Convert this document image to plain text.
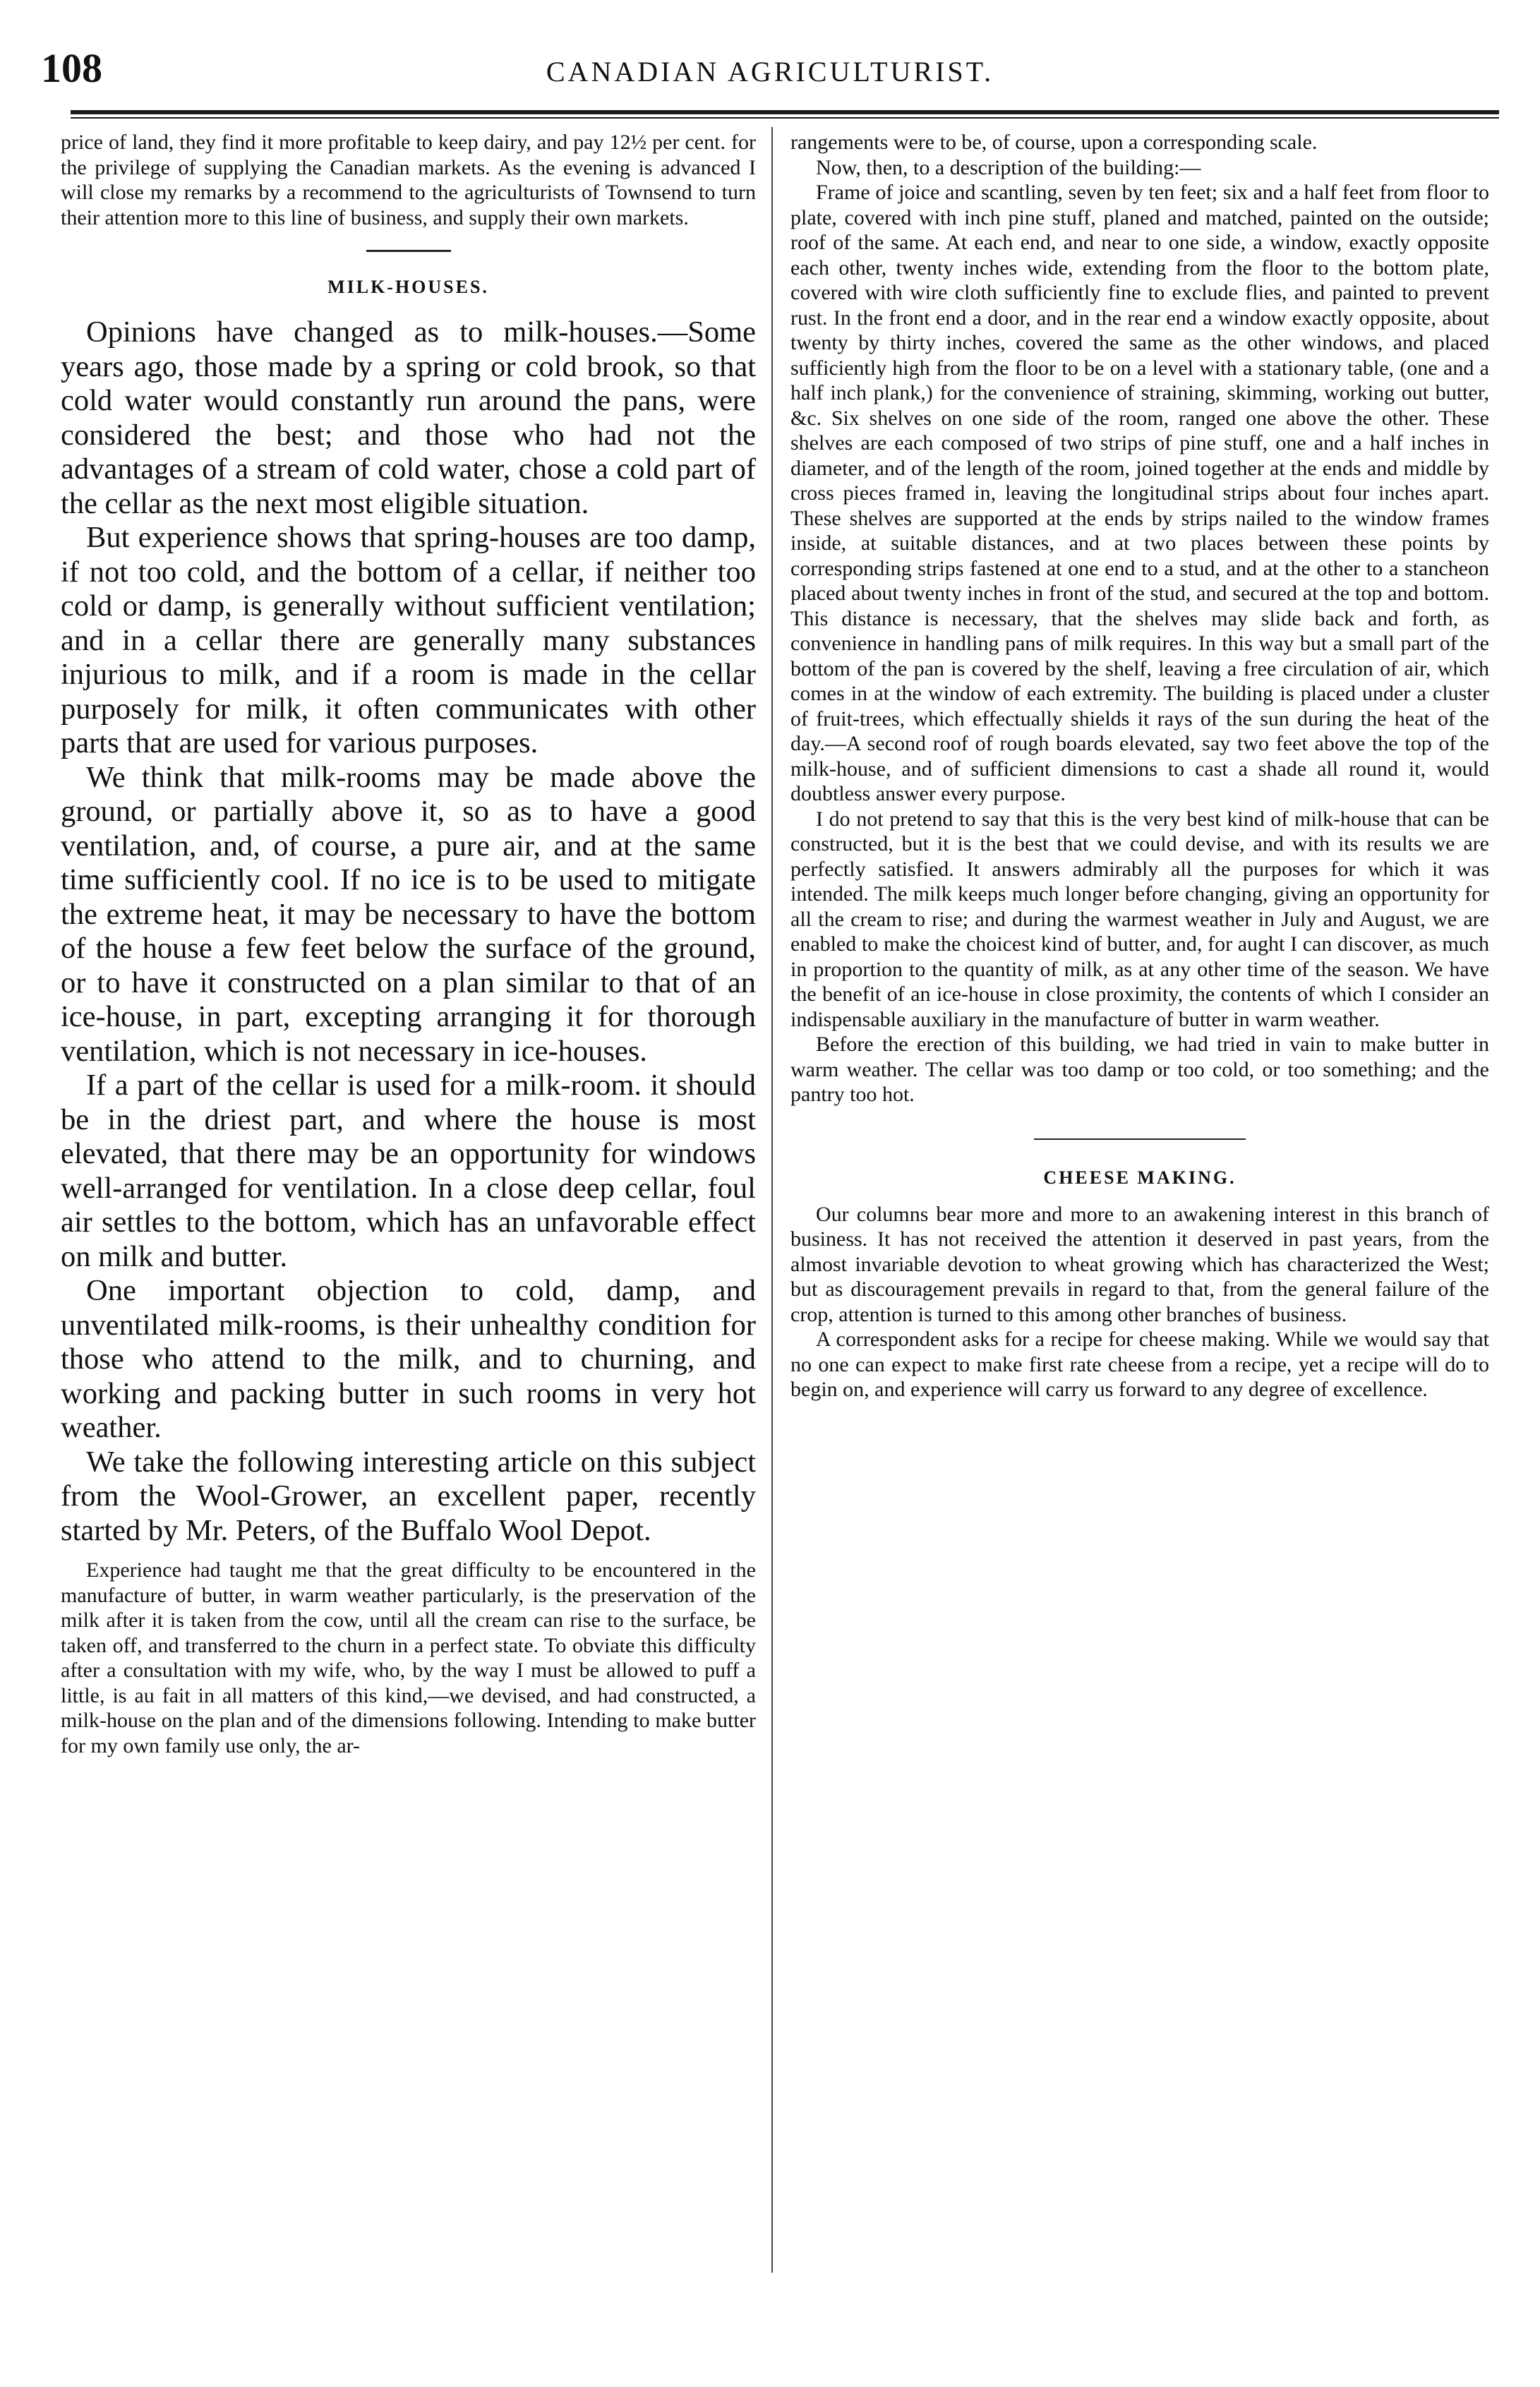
108	CANADIAN AGRICULTURIST.

price of land, they find it more profitable to keep dairy, and pay 12½ per cent. for the privilege of supplying the Canadian markets. As the evening is advanced I will close my remarks by a recommend to the agriculturists of Townsend to turn their attention more to this line of business, and supply their own markets.

MILK-HOUSES.

Opinions have changed as to milk-houses.—Some years ago, those made by a spring or cold brook, so that cold water would constantly run around the pans, were considered the best; and those who had not the advantages of a stream of cold water, chose a cold part of the cellar as the next most eligible situation.

But experience shows that spring-houses are too damp, if not too cold, and the bottom of a cellar, if neither too cold or damp, is generally without sufficient ventilation; and in a cellar there are generally many substances injurious to milk, and if a room is made in the cellar purposely for milk, it often communicates with other parts that are used for various purposes.

We think that milk-rooms may be made above the ground, or partially above it, so as to have a good ventilation, and, of course, a pure air, and at the same time sufficiently cool. If no ice is to be used to mitigate the extreme heat, it may be necessary to have the bottom of the house a few feet below the surface of the ground, or to have it constructed on a plan similar to that of an ice-house, in part, excepting arranging it for thorough ventilation, which is not necessary in ice-houses.

If a part of the cellar is used for a milk-room. it should be in the driest part, and where the house is most elevated, that there may be an opportunity for windows well-arranged for ventilation. In a close deep cellar, foul air settles to the bottom, which has an unfavorable effect on milk and butter.

One important objection to cold, damp, and unventilated milk-rooms, is their unhealthy condition for those who attend to the milk, and to churning, and working and packing butter in such rooms in very hot weather.

We take the following interesting article on this subject from the Wool-Grower, an excellent paper, recently started by Mr. Peters, of the Buffalo Wool Depot.

Experience had taught me that the great difficulty to be encountered in the manufacture of butter, in warm weather particularly, is the preservation of the milk after it is taken from the cow, until all the cream can rise to the surface, be taken off, and transferred to the churn in a perfect state. To obviate this difficulty after a consultation with my wife, who, by the way I must be allowed to puff a little, is au fait in all matters of this kind,—we devised, and had constructed, a milk-house on the plan and of the dimensions following. Intending to make butter for my own family use only, the ar-

rangements were to be, of course, upon a corresponding scale.

Now, then, to a description of the building:—

Frame of joice and scantling, seven by ten feet; six and a half feet from floor to plate, covered with inch pine stuff, planed and matched, painted on the outside; roof of the same. At each end, and near to one side, a window, exactly opposite each other, twenty inches wide, extending from the floor to the bottom plate, covered with wire cloth sufficiently fine to exclude flies, and painted to prevent rust. In the front end a door, and in the rear end a window exactly opposite, about twenty by thirty inches, covered the same as the other windows, and placed sufficiently high from the floor to be on a level with a stationary table, (one and a half inch plank,) for the convenience of straining, skimming, working out butter, &c. Six shelves on one side of the room, ranged one above the other. These shelves are each composed of two strips of pine stuff, one and a half inches in diameter, and of the length of the room, joined together at the ends and middle by cross pieces framed in, leaving the longitudinal strips about four inches apart. These shelves are supported at the ends by strips nailed to the window frames inside, at suitable distances, and at two places between these points by corresponding strips fastened at one end to a stud, and at the other to a stancheon placed about twenty inches in front of the stud, and secured at the top and bottom. This distance is necessary, that the shelves may slide back and forth, as convenience in handling pans of milk requires. In this way but a small part of the bottom of the pan is covered by the shelf, leaving a free circulation of air, which comes in at the window of each extremity. The building is placed under a cluster of fruit-trees, which effectually shields it rays of the sun during the heat of the day.—A second roof of rough boards elevated, say two feet above the top of the milk-house, and of sufficient dimensions to cast a shade all round it, would doubtless answer every purpose.

I do not pretend to say that this is the very best kind of milk-house that can be constructed, but it is the best that we could devise, and with its results we are perfectly satisfied. It answers admirably all the purposes for which it was intended. The milk keeps much longer before changing, giving an opportunity for all the cream to rise; and during the warmest weather in July and August, we are enabled to make the choicest kind of butter, and, for aught I can discover, as much in proportion to the quantity of milk, as at any other time of the season. We have the benefit of an ice-house in close proximity, the contents of which I consider an indispensable auxiliary in the manufacture of butter in warm weather.

Before the erection of this building, we had tried in vain to make butter in warm weather. The cellar was too damp or too cold, or too something; and the pantry too hot.

CHEESE MAKING.

Our columns bear more and more to an awakening interest in this branch of business. It has not received the attention it deserved in past years, from the almost invariable devotion to wheat growing which has characterized the West; but as discouragement prevails in regard to that, from the general failure of the crop, attention is turned to this among other branches of business.

A correspondent asks for a recipe for cheese making. While we would say that no one can expect to make first rate cheese from a recipe, yet a recipe will do to begin on, and experience will carry us forward to any degree of excellence.
